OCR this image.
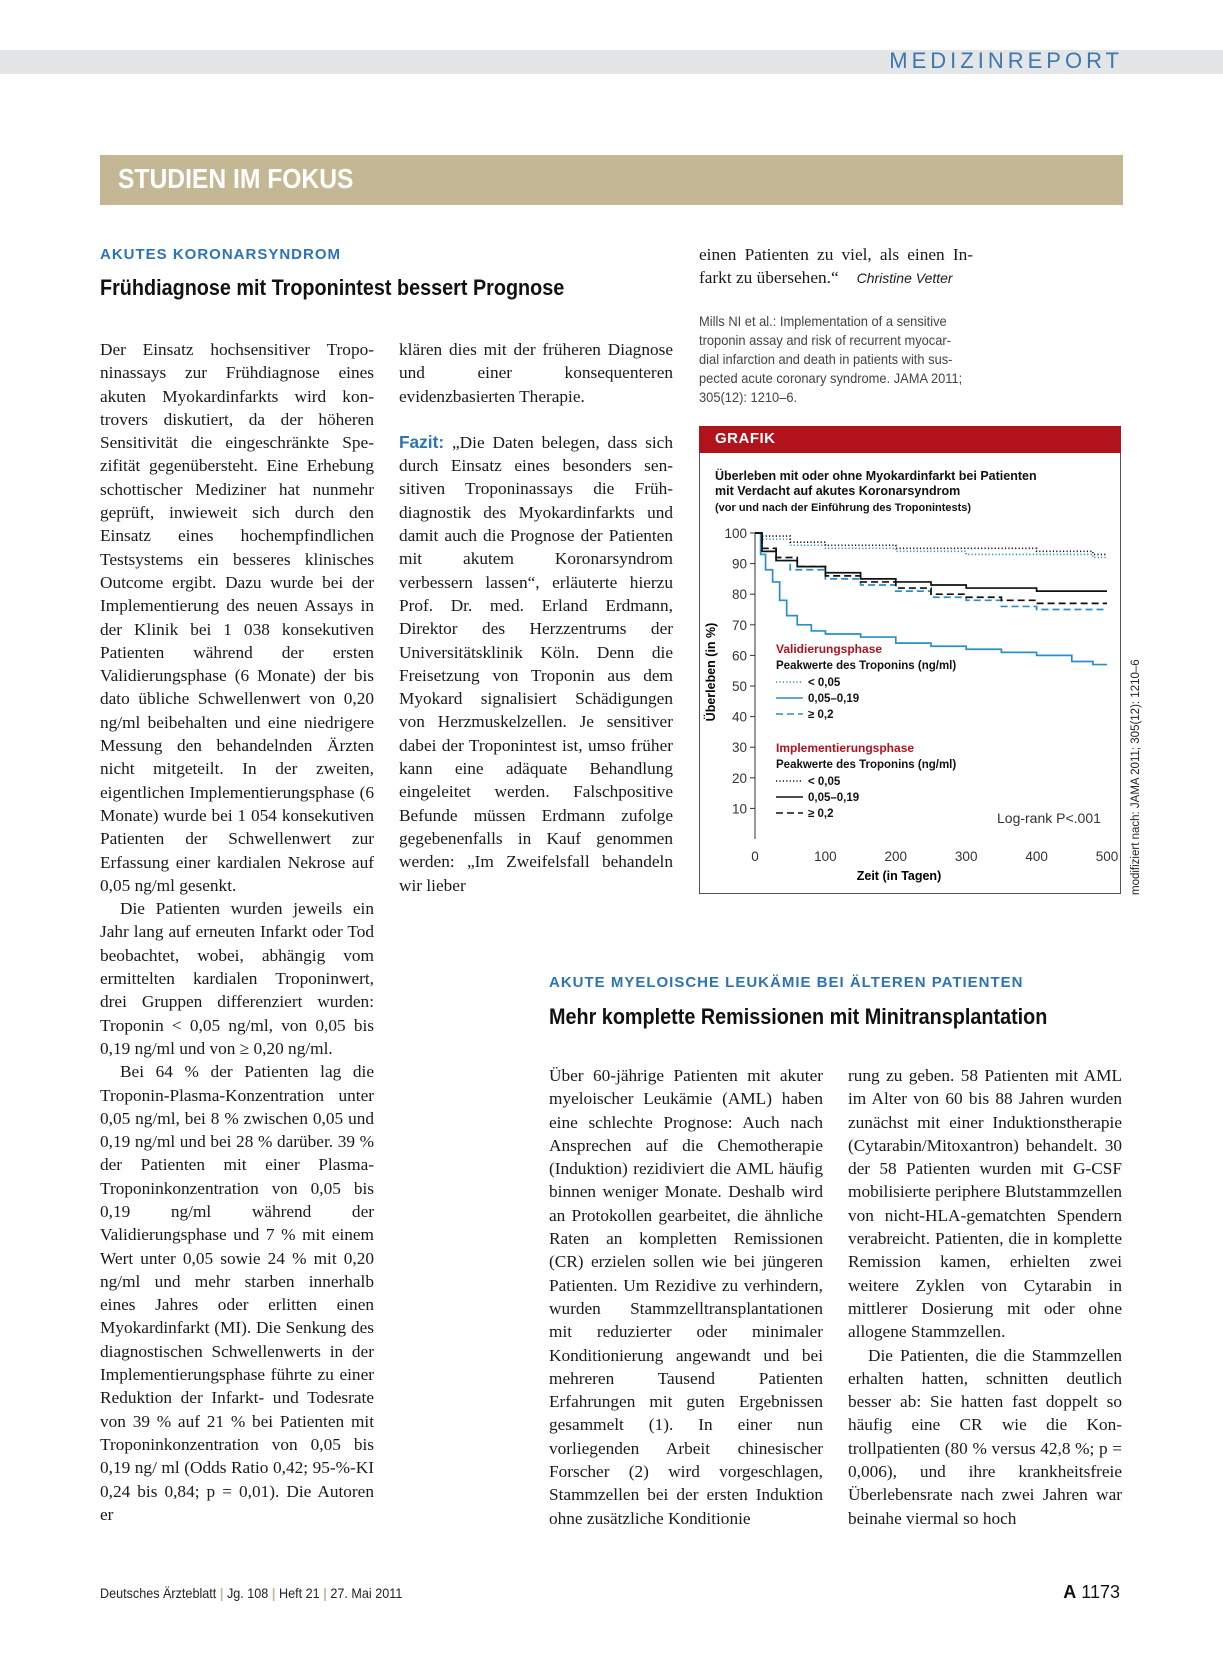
MEDIZINREPORT
STUDIEN IM FOKUS
AKUTES KORONARSYNDROM
Frühdiagnose mit Troponintest bessert Prognose

Der Einsatz hochsensitiver Troponinassays zur Frühdiagnose eines akuten Myokardinfarkts wird kontrovers diskutiert, da der höheren Sensitivität die eingeschränkte Spezifität gegenübersteht. Eine Erhebung schottischer Mediziner hat nunmehr geprüft, inwieweit sich durch den Einsatz eines hochempfindlichen Testsystems ein besseres klinisches Outcome ergibt. Dazu wurde bei der Implementierung des neuen Assays in der Klinik bei 1 038 konsekutiven Patienten während der ersten Validierungsphase (6 Monate) der bis dato übliche Schwellenwert von 0,20 ng/ml beibehalten und eine niedrigere Messung den behandelnden Ärzten nicht mitgeteilt. In der zweiten, eigentlichen Implementierungsphase (6 Monate) wurde bei 1 054 konsekutiven Patienten der Schwellenwert zur Erfassung einer kardialen Nekrose auf 0,05 ng/ml gesenkt.

Die Patienten wurden jeweils ein Jahr lang auf erneuten Infarkt oder Tod beobachtet, wobei, abhängig vom ermittelten kardialen Troponinwert, drei Gruppen differenziert wurden: Troponin < 0,05 ng/ml, von 0,05 bis 0,19 ng/ml und von ≥ 0,20 ng/ml.

Bei 64 % der Patienten lag die Troponin-Plasma-Konzentration unter 0,05 ng/ml, bei 8 % zwischen 0,05 und 0,19 ng/ml und bei 28 % darüber. 39 % der Patienten mit einer Plasma-Troponinkonzentration von 0,05 bis 0,19 ng/ml während der Validierungsphase und 7 % mit einem Wert unter 0,05 sowie 24 % mit 0,20 ng/ml und mehr starben innerhalb eines Jahres oder erlitten einen Myokardinfarkt (MI). Die Senkung des diagnostischen Schwellenwerts in der Implementierungsphase führte zu einer Reduktion der Infarkt- und Todesrate von 39 % auf 21 % bei Patienten mit Troponinkonzentration von 0,05 bis 0,19 ng/ ml (Odds Ratio 0,42; 95-%-KI 0,24 bis 0,84; p = 0,01). Die Autoren er

klären dies mit der früheren Diagnose und einer konsequenteren evidenzbasierten Therapie.

Fazit: „Die Daten belegen, dass sich durch Einsatz eines besonders sensitiven Troponinassays die Frühdiagnostik des Myokardinfarkts und damit auch die Prognose der Patienten mit akutem Koronarsyndrom verbessern lassen“, erläuterte hierzu Prof. Dr. med. Erland Erdmann, Direktor des Herzzentrums der Universitätsklinik Köln. Denn die Freisetzung von Troponin aus dem Myokard signalisiert Schädigungen von Herzmuskelzellen. Je sensitiver dabei der Troponintest ist, umso früher kann eine adäquate Behandlung eingeleitet werden. Falschpositive Befunde müssen Erdmann zufolge gegebenenfalls in Kauf genommen werden: „Im Zweifelsfall behandeln wir lieber

einen Patienten zu viel, als einen Infarkt zu übersehen.“ Christine Vetter

Mills NI et al.: Implementation of a sensitive troponin assay and risk of recurrent myocardial infarction and death in patients with suspected acute coronary syndrome. JAMA 2011; 305(12): 1210–6.
GRAFIK
Überleben mit oder ohne Myokardinfarkt bei Patienten mit Verdacht auf akutes Koronarsyndrom
(vor und nach der Einführung des Troponintests)
10
20
30
40
50
60
70
80
90
100
0	100	200	300	400	500
Überleben (in %)
Zeit (in Tagen)
Log-rank P<.001
Validierungsphase
Peakwerte des Troponins (ng/ml)
< 0,05
0,05–0,19
≥ 0,2
Implementierungsphase
Peakwerte des Troponins (ng/ml)
< 0,05
0,05–0,19
≥ 0,2	modifiziert nach: JAMA 2011; 305(12): 1210–6
AKUTE MYELOISCHE LEUKÄMIE BEI ÄLTEREN PATIENTEN
Mehr komplette Remissionen mit Minitransplantation

Über 60-jährige Patienten mit akuter myeloischer Leukämie (AML) haben eine schlechte Prognose: Auch nach Ansprechen auf die Chemotherapie (Induktion) rezidiviert die AML häufig binnen weniger Monate. Deshalb wird an Protokollen gearbeitet, die ähnliche Raten an kompletten Remissionen (CR) erzielen sollen wie bei jüngeren Patienten. Um Rezidive zu verhindern, wurden Stammzelltransplantationen mit reduzierter oder minimaler Konditionierung angewandt und bei mehreren Tausend Patienten Erfahrungen mit guten Ergebnissen gesammelt (1). In einer nun vorliegenden Arbeit chinesischer Forscher (2) wird vorgeschlagen, Stammzellen bei der ersten Induktion ohne zusätzliche Konditionie

rung zu geben. 58 Patienten mit AML im Alter von 60 bis 88 Jahren wurden zunächst mit einer Induktionstherapie (Cytarabin/Mitoxantron) behandelt. 30 der 58 Patienten wurden mit G-CSF mobilisierte periphere Blutstammzellen von nicht-HLA-gematchten Spendern verabreicht. Patienten, die in komplette Remission kamen, erhielten zwei weitere Zyklen von Cytarabin in mittlerer Dosierung mit oder ohne allogene Stammzellen.

Die Patienten, die die Stammzellen erhalten hatten, schnitten deutlich besser ab: Sie hatten fast doppelt so häufig eine CR wie die Kontrollpatienten (80 % versus 42,8 %; p = 0,006), und ihre krankheitsfreie Überlebensrate nach zwei Jahren war beinahe viermal so hoch

Deutsches Ärzteblatt | Jg. 108 | Heft 21 | 27. Mai 2011	A 1173
